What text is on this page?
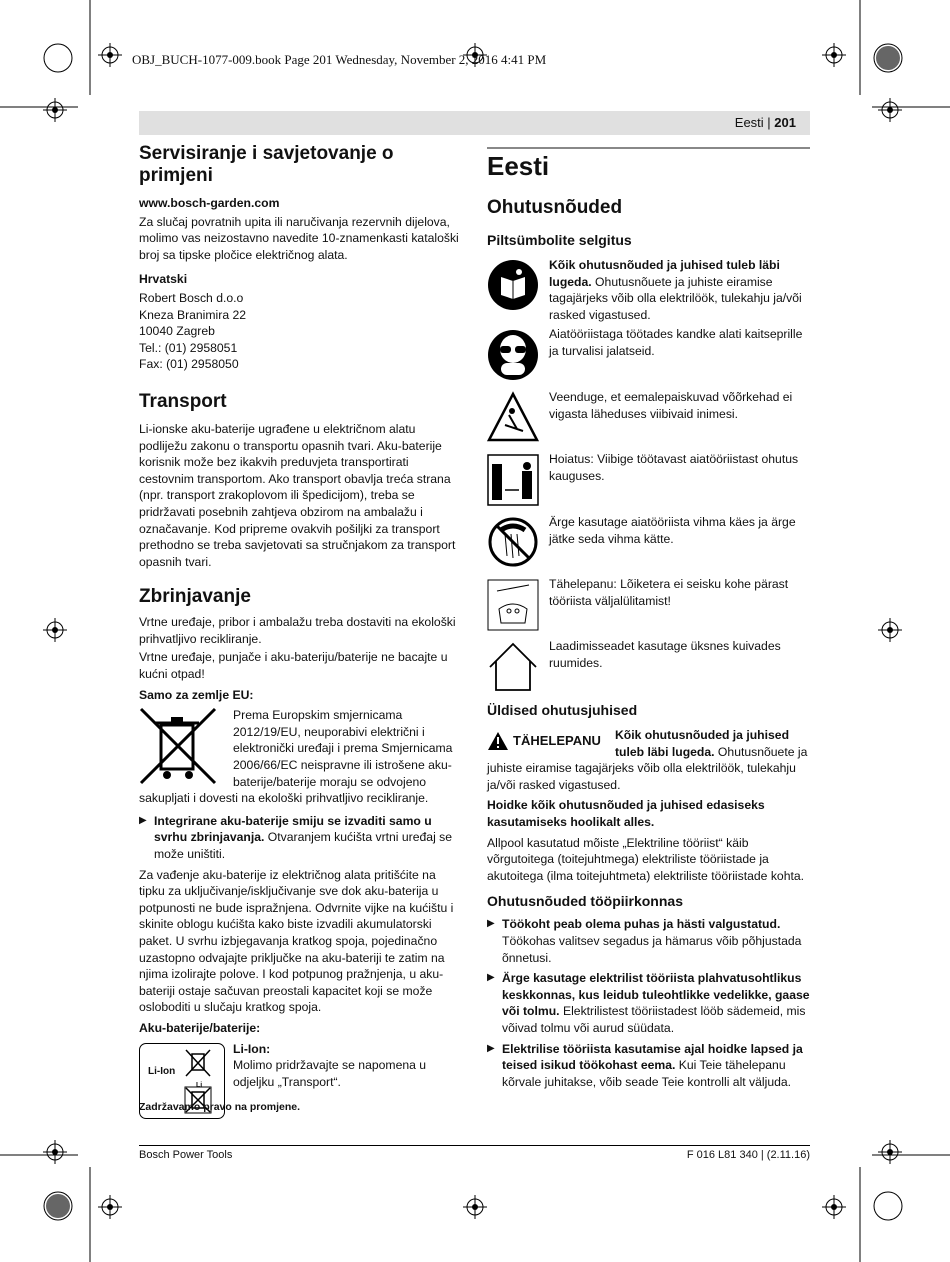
OBJ_BUCH-1077-009.book Page 201 Wednesday, November 2, 2016 4:41 PM
Eesti | 201
Servisiranje i savjetovanje o primjeni

www.bosch-garden.com

Za slučaj povratnih upita ili naručivanja rezervnih dijelova, molimo vas neizostavno navedite 10-znamenkasti kataloški broj sa tipske pločice električnog alata.

Hrvatski

Robert Bosch d.o.o
Kneza Branimira 22
10040 Zagreb
Tel.: (01) 2958051
Fax: (01) 2958050
Transport

Li-ionske aku-baterije ugrađene u električnom alatu podliježu zakonu o transportu opasnih tvari. Aku-baterije korisnik može bez ikakvih preduvjeta transportirati cestovnim transportom. Ako transport obavlja treća strana (npr. transport zrakoplovom ili špedicijom), treba se pridržavati posebnih zahtjeva obzirom na ambalažu i označavanje. Kod pripreme ovakvih pošiljki za transport prethodno se treba savjetovati sa stručnjakom za transport opasnih tvari.

Zbrinjavanje

Vrtne uređaje, pribor i ambalažu treba dostaviti na ekološki prihvatljivo recikliranje.

Vrtne uređaje, punjače i aku-bateriju/baterije ne bacajte u kućni otpad!

Samo za zemlje EU:

Prema Europskim smjernicama 2012/19/EU, neuporabivi električni i elektronički uređaji i prema Smjernicama 2006/66/EC neispravne ili istrošene aku-baterije/baterije moraju se odvojeno sakupljati i dovesti na ekološki prihvatljivo recikliranje.

▶ Integrirane aku-baterije smiju se izvaditi samo u svrhu zbrinjavanja. Otvaranjem kućišta vrtni uređaj se može uništiti.

Za vađenje aku-baterije iz električnog alata pritišćite na tipku za uključivanje/isključivanje sve dok aku-baterija u potpunosti ne bude ispražnjena. Odvrnite vijke na kućištu i skinite oblogu kućišta kako biste izvadili akumulatorski paket. U svrhu izbjegavanja kratkog spoja, pojedinačno uzastopno odvajajte priključke na aku-bateriji te zatim na njima izolirajte polove. I kod potpunog pražnjenja, u aku-bateriji ostaje sačuvan preostali kapacitet koji se može osloboditi u slučaju kratkog spoja.

Aku-baterije/baterije:

Li-Ion
Li
Li-Ion:
Molimo pridržavajte se napomena u odjeljku „Transport“.
Zadržavamo pravo na promjene.
Eesti
Ohutusnõuded
Piltsümbolite selgitus
Kõik ohutusnõuded ja juhised tuleb läbi lugeda. Ohutusnõuete ja juhiste eiramise tagajärjeks võib olla elektrilöök, tulekahju ja/või rasked vigastused.
Aiatööriistaga töötades kandke alati kaitseprille ja turvalisi jalatseid.
Veenduge, et eemalepaiskuvad võõrkehad ei vigasta läheduses viibivaid inimesi.
Hoiatus: Viibige töötavast aiatööriistast ohutus kauguses.
Ärge kasutage aiatööriista vihma käes ja ärge jätke seda vihma kätte.
Tähelepanu: Lõiketera ei seisku kohe pärast tööriista väljalülitamist!
Laadimisseadet kasutage üksnes kuivades ruumides.
Üldised ohutusjuhised
TÄHELEPANU Kõik ohutusnõuded ja juhised tuleb läbi lugeda. Ohutusnõuete ja juhiste eiramise tagajärjeks võib olla elektrilöök, tulekahju ja/või rasked vigastused.

Hoidke kõik ohutusnõuded ja juhised edasiseks kasutamiseks hoolikalt alles.

Allpool kasutatud mõiste „Elektriline tööriist“ käib võrgutoitega (toitejuhtmega) elektriliste tööriistade ja akutoitega (ilma toitejuhtmeta) elektriliste tööriistade kohta.

Ohutusnõuded tööpiirkonnas
▶ Töökoht peab olema puhas ja hästi valgustatud. Töökohas valitsev segadus ja hämarus võib põhjustada õnnetusi.
▶ Ärge kasutage elektrilist tööriista plahvatusohtlikus keskkonnas, kus leidub tuleohtlikke vedelikke, gaase või tolmu. Elektrilistest tööriistadest lööb sädemeid, mis võivad tolmu või aurud süüdata.
▶ Elektrilise tööriista kasutamise ajal hoidke lapsed ja teised isikud töökohast eema. Kui Teie tähelepanu kõrvale juhitakse, võib seade Teie kontrolli alt väljuda.
Bosch Power Tools	F 016 L81 340 | (2.11.16)
